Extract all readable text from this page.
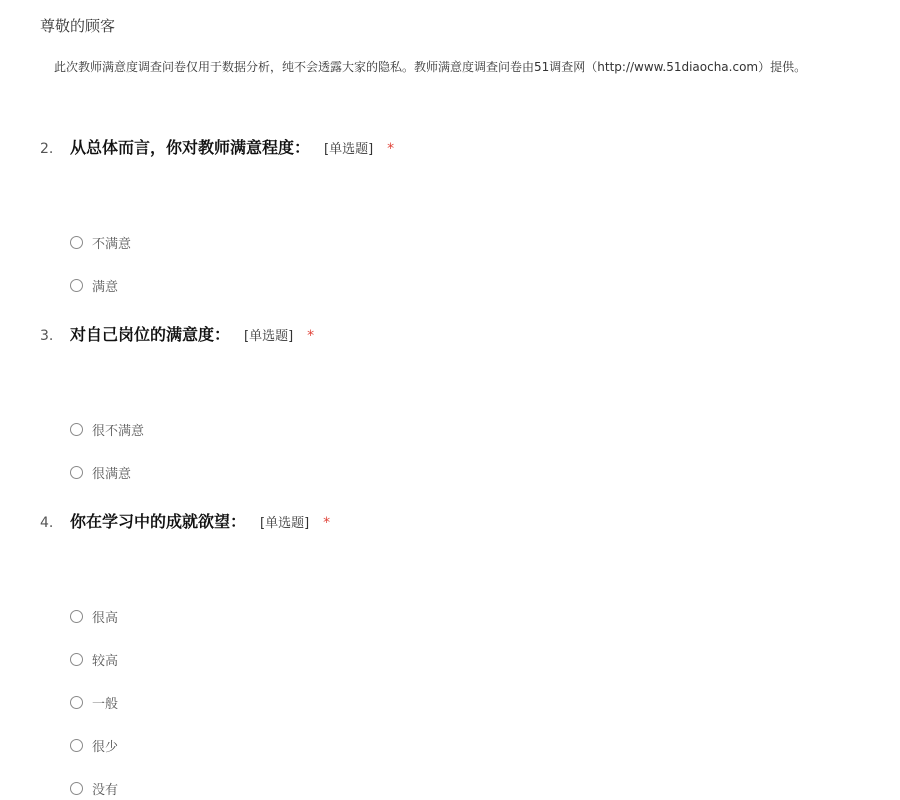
尊敬的顾客
此次教师满意度调查问卷仅用于数据分析，纯不会透露大家的隐私。教师满意度调查问卷由51调查网（http://www.51diaocha.com）提供。
2.	从总体而言，你对教师满意程度： [单选题] *
不满意
满意
3.	对自己岗位的满意度： [单选题] *
很不满意
很满意
4.	你在学习中的成就欲望： [单选题] *
很高
较高
一般
很少
没有
